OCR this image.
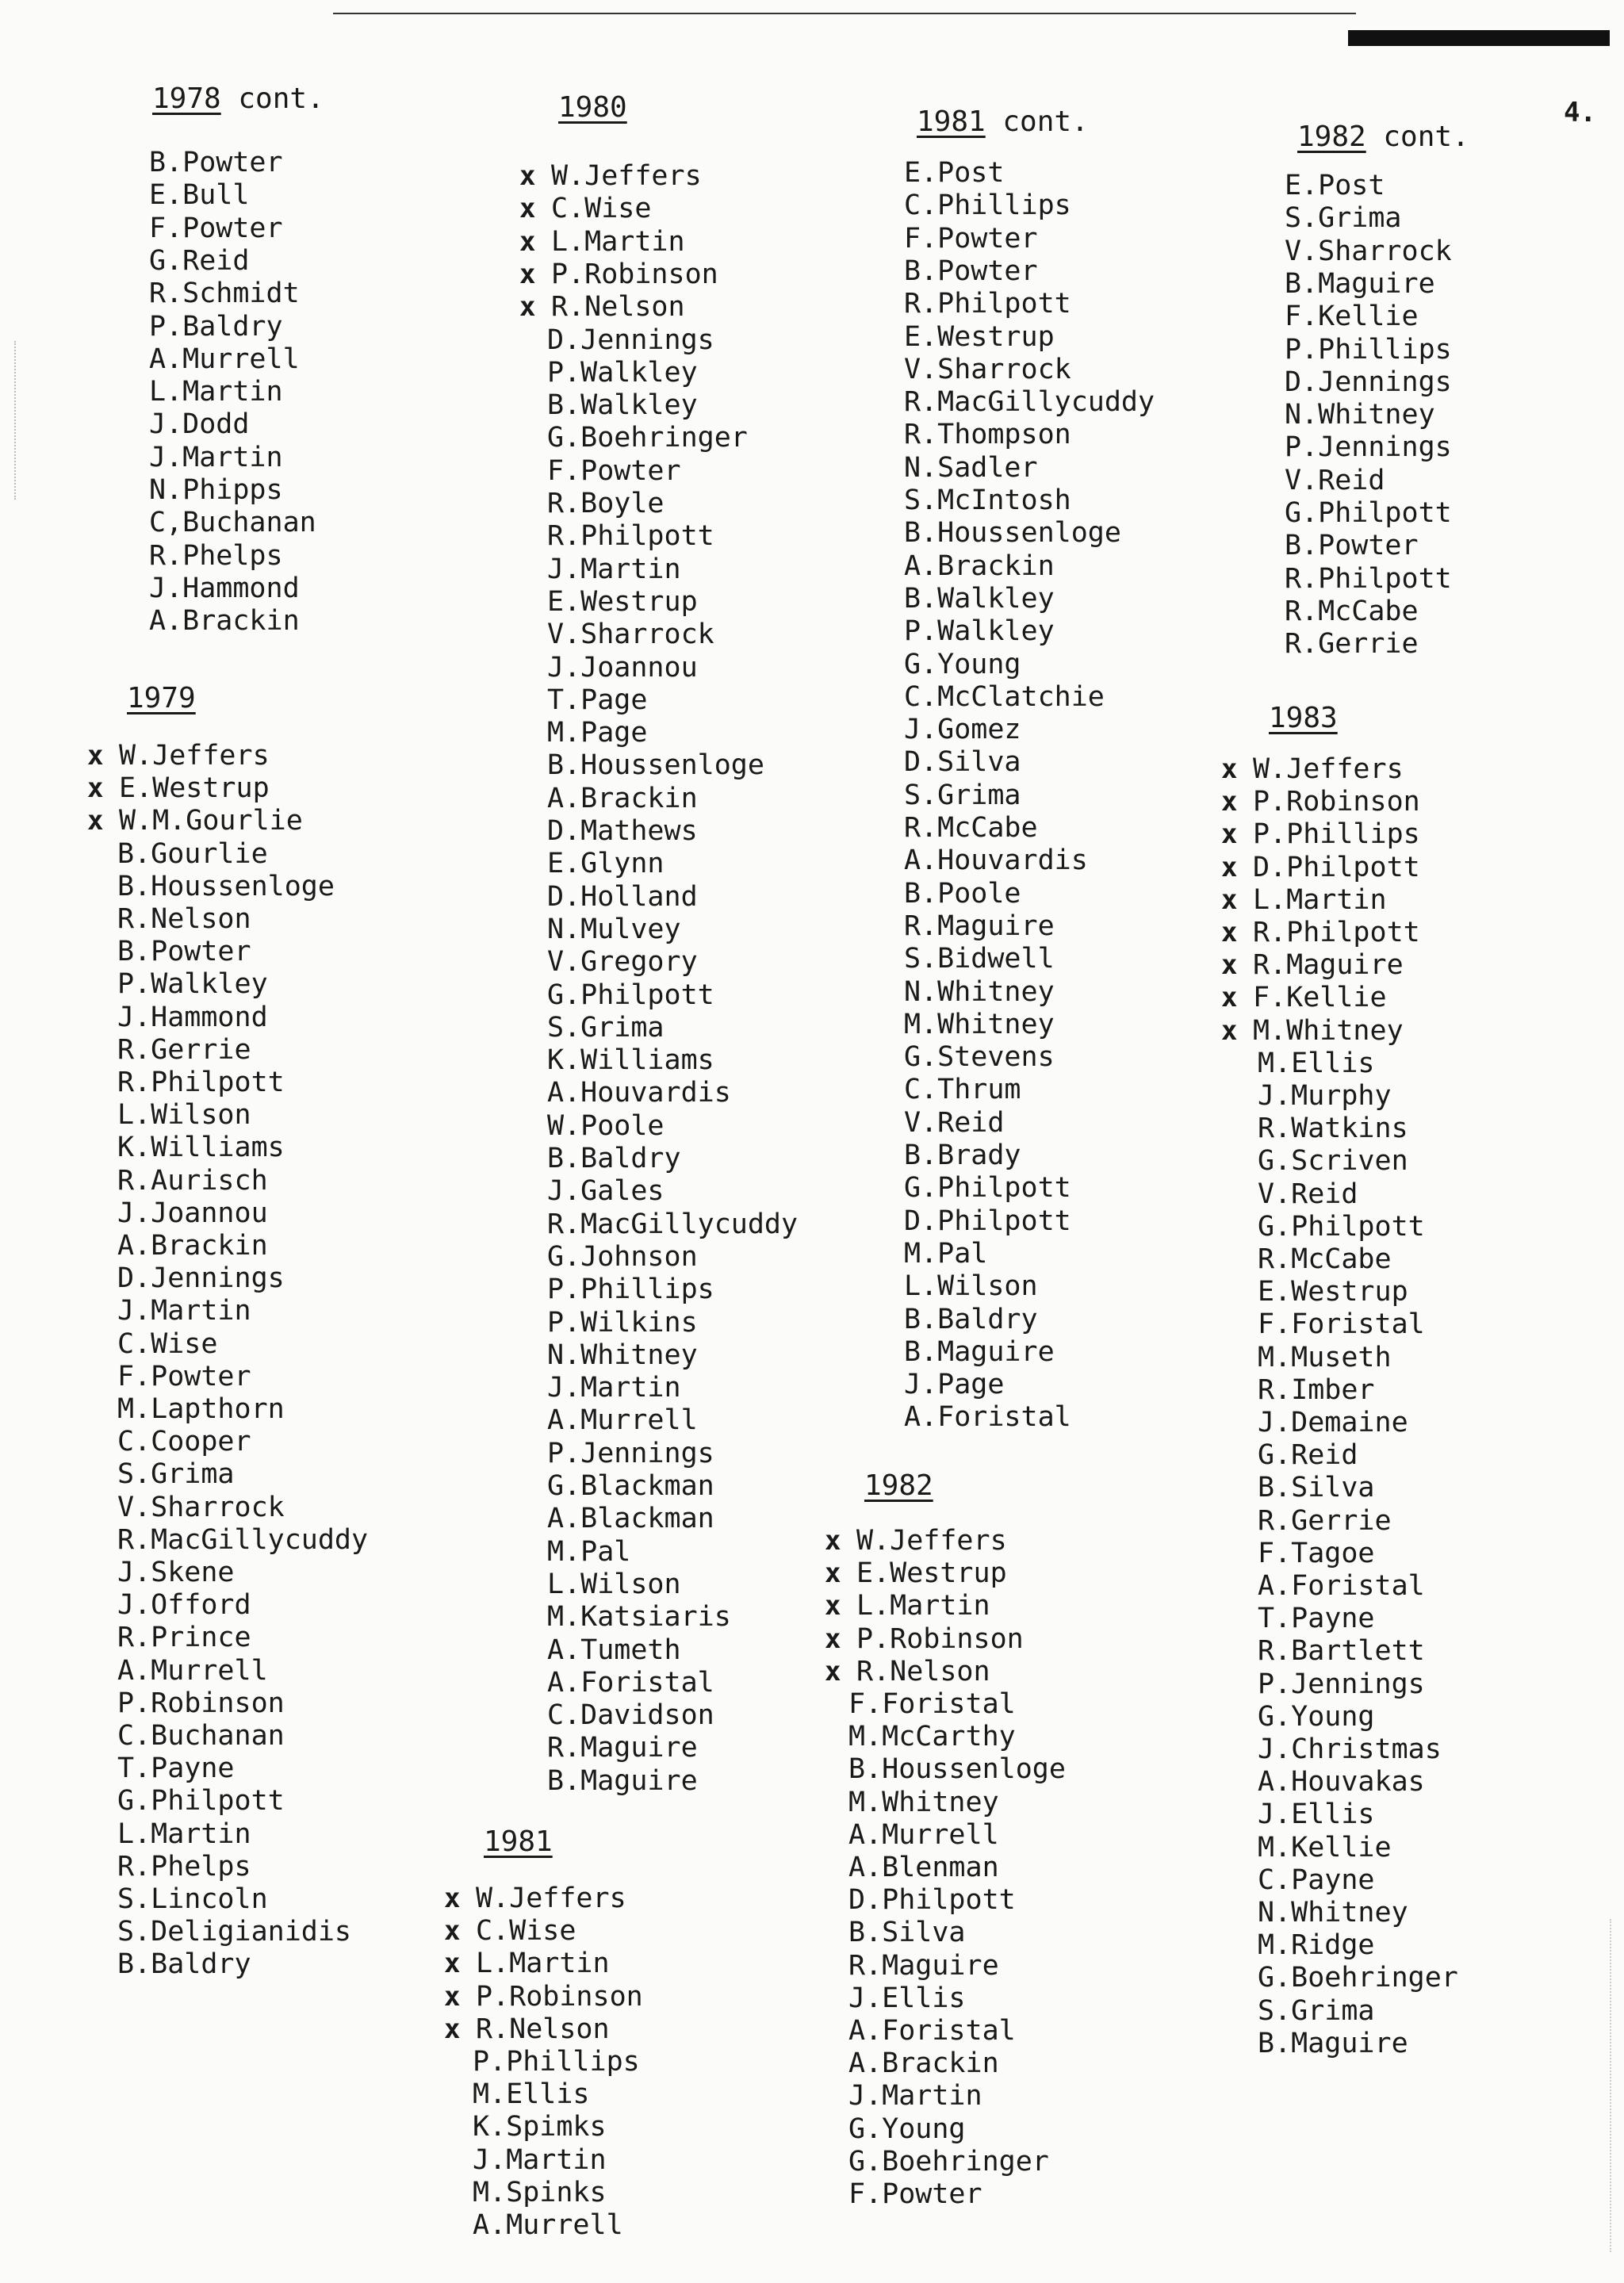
4.
1978 cont.
B.Powter
E.Bull
F.Powter
G.Reid
R.Schmidt
P.Baldry
A.Murrell
L.Martin
J.Dodd
J.Martin
N.Phipps
C,Buchanan
R.Phelps
J.Hammond
A.Brackin
1979
x W.Jeffers
x E.Westrup
x W.M.Gourlie
B.Gourlie
B.Houssenloge
R.Nelson
B.Powter
P.Walkley
J.Hammond
R.Gerrie
R.Philpott
L.Wilson
K.Williams
R.Aurisch
J.Joannou
A.Brackin
D.Jennings
J.Martin
C.Wise
F.Powter
M.Lapthorn
C.Cooper
S.Grima
V.Sharrock
R.MacGillycuddy
J.Skene
J.Offord
R.Prince
A.Murrell
P.Robinson
C.Buchanan
T.Payne
G.Philpott
L.Martin
R.Phelps
S.Lincoln
S.Deligianidis
B.Baldry
1980
x W.Jeffers
x C.Wise
x L.Martin
x P.Robinson
x R.Nelson
D.Jennings
P.Walkley
B.Walkley
G.Boehringer
F.Powter
R.Boyle
R.Philpott
J.Martin
E.Westrup
V.Sharrock
J.Joannou
T.Page
M.Page
B.Houssenloge
A.Brackin
D.Mathews
E.Glynn
D.Holland
N.Mulvey
V.Gregory
G.Philpott
S.Grima
K.Williams
A.Houvardis
W.Poole
B.Baldry
J.Gales
R.MacGillycuddy
G.Johnson
P.Phillips
P.Wilkins
N.Whitney
J.Martin
A.Murrell
P.Jennings
G.Blackman
A.Blackman
M.Pal
L.Wilson
M.Katsiaris
A.Tumeth
A.Foristal
C.Davidson
R.Maguire
B.Maguire
1981
x W.Jeffers
x C.Wise
x L.Martin
x P.Robinson
x R.Nelson
P.Phillips
M.Ellis
K.Spimks
J.Martin
M.Spinks
A.Murrell
1981 cont.
E.Post
C.Phillips
F.Powter
B.Powter
R.Philpott
E.Westrup
V.Sharrock
R.MacGillycuddy
R.Thompson
N.Sadler
S.McIntosh
B.Houssenloge
A.Brackin
B.Walkley
P.Walkley
G.Young
C.McClatchie
J.Gomez
D.Silva
S.Grima
R.McCabe
A.Houvardis
B.Poole
R.Maguire
S.Bidwell
N.Whitney
M.Whitney
G.Stevens
C.Thrum
V.Reid
B.Brady
G.Philpott
D.Philpott
M.Pal
L.Wilson
B.Baldry
B.Maguire
J.Page
A.Foristal
1982
x W.Jeffers
x E.Westrup
x L.Martin
x P.Robinson
x R.Nelson
F.Foristal
M.McCarthy
B.Houssenloge
M.Whitney
A.Murrell
A.Blenman
D.Philpott
B.Silva
R.Maguire
J.Ellis
A.Foristal
A.Brackin
J.Martin
G.Young
G.Boehringer
F.Powter
1982 cont.
E.Post
S.Grima
V.Sharrock
B.Maguire
F.Kellie
P.Phillips
D.Jennings
N.Whitney
P.Jennings
V.Reid
G.Philpott
B.Powter
R.Philpott
R.McCabe
R.Gerrie
1983
x W.Jeffers
x P.Robinson
x P.Phillips
x D.Philpott
x L.Martin
x R.Philpott
x R.Maguire
x F.Kellie
x M.Whitney
M.Ellis
J.Murphy
R.Watkins
G.Scriven
V.Reid
G.Philpott
R.McCabe
E.Westrup
F.Foristal
M.Museth
R.Imber
J.Demaine
G.Reid
B.Silva
R.Gerrie
F.Tagoe
A.Foristal
T.Payne
R.Bartlett
P.Jennings
G.Young
J.Christmas
A.Houvakas
J.Ellis
M.Kellie
C.Payne
N.Whitney
M.Ridge
G.Boehringer
S.Grima
B.Maguire
